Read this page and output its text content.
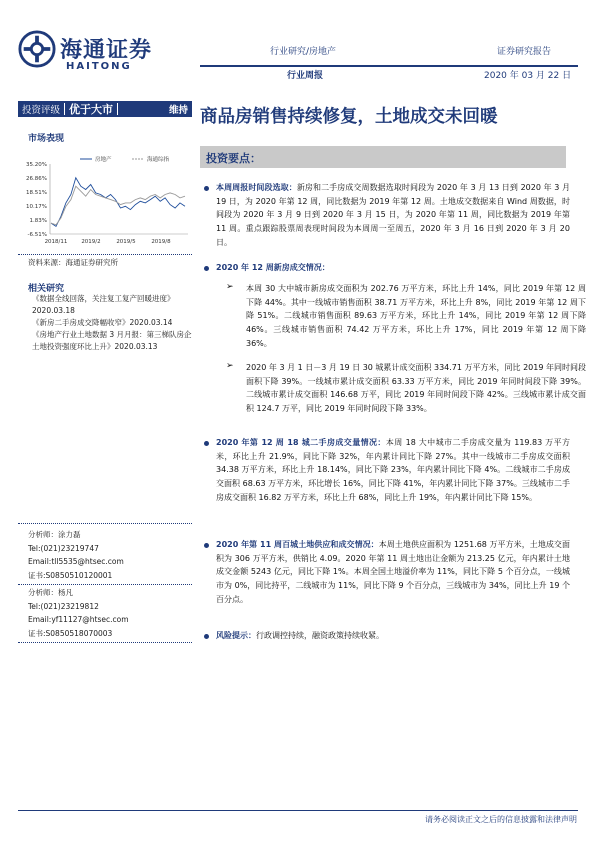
海通证券
HAITONG
行业研究/房地产	证券研究报告
行业周报	2020 年 03 月 22 日
投资评级 优于大市	维持 商品房销售持续修复，土地成交未回暖
市场表现
35.20%
26.86%
18.51%
10.17%
1.83%
-6.51%
2018/11	2019/2	2019/5	2019/8
房地产	海通综指
资料来源：海通证券研究所
相关研究
《数据全线回落，关注复工复产回暖进度》2020.03.18
《新房二手房成交降幅收窄》2020.03.14
《房地产行业土地数据 3 月月报：第三梯队房企土地投资强度环比上升》2020.03.13
分析师：涂力磊
Tel:(021)23219747
Email:tll5535@htsec.com
证书:S0850510120001
分析师：杨凡
Tel:(021)23219812
Email:yf11127@htsec.com
证书:S0850518070003
投资要点：
本周周报时间段选取：新房和二手房成交周数据选取时间段为 2020 年 3 月 13 日到 2020 年 3 月 19 日，为 2020 年第 12 周，同比数据为 2019 年第 12 周。土地成交数据来自 Wind 周数据，时间段为 2020 年 3 月 9 日到 2020 年 3 月 15 日，为 2020 年第 11 周，同比数据为 2019 年第 11 周。重点跟踪股票周表现时间段为本周周一至周五，2020 年 3 月 16 日到 2020 年 3 月 20 日。
2020 年 12 周新房成交情况：
➢ 本周 30 大中城市新房成交面积为 202.76 万平方米，环比上升 14%，同比 2019 年第 12 周下降 44%。其中一线城市销售面积 38.71 万平方米，环比上升 8%，同比 2019 年第 12 周下降 51%。二线城市销售面积 89.63 万平方米，环比上升 14%，同比 2019 年第 12 周下降 46%。三线城市销售面积 74.42 万平方米，环比上升 17%，同比 2019 年第 12 周下降 36%。
➢ 2020 年 3 月 1 日－3 月 19 日 30 城累计成交面积 334.71 万平方米，同比 2019 年同时间段面积下降 39%。一线城市累计成交面积 63.33 万平方米，同比 2019 年同时间段下降 39%。二线城市累计成交面积 146.68 万平，同比 2019 年同时间段下降 42%。三线城市累计成交面积 124.7 万平，同比 2019 年同时间段下降 33%。
2020 年第 12 周 18 城二手房成交量情况：本周 18 大中城市二手房成交量为 119.83 万平方米，环比上升 21.9%，同比下降 32%，年内累计同比下降 27%。其中一线城市二手房成交面积 34.38 万平方米，环比上升 18.14%，同比下降 23%，年内累计同比下降 4%。二线城市二手房成交面积 68.63 万平方米，环比增长 16%，同比下降 41%，年内累计同比下降 37%。三线城市二手房成交面积 16.82 万平方米，环比上升 68%，同比上升 19%，年内累计同比下降 15%。
2020 年第 11 周百城土地供应和成交情况：本周土地供应面积为 1251.68 万平方米，土地成交面积为 306 万平方米，供销比 4.09。2020 年第 11 周土地出让金额为 213.25 亿元，年内累计土地成交金额 5243 亿元，同比下降 1%。本周全国土地溢价率为 11%，同比下降 5 个百分点，一线城市为 0%，同比持平，二线城市为 11%，同比下降 9 个百分点，三线城市为 34%，同比上升 19 个百分点。
风险提示：行政调控持续，融资政策持续收紧。
请务必阅读正文之后的信息披露和法律声明
